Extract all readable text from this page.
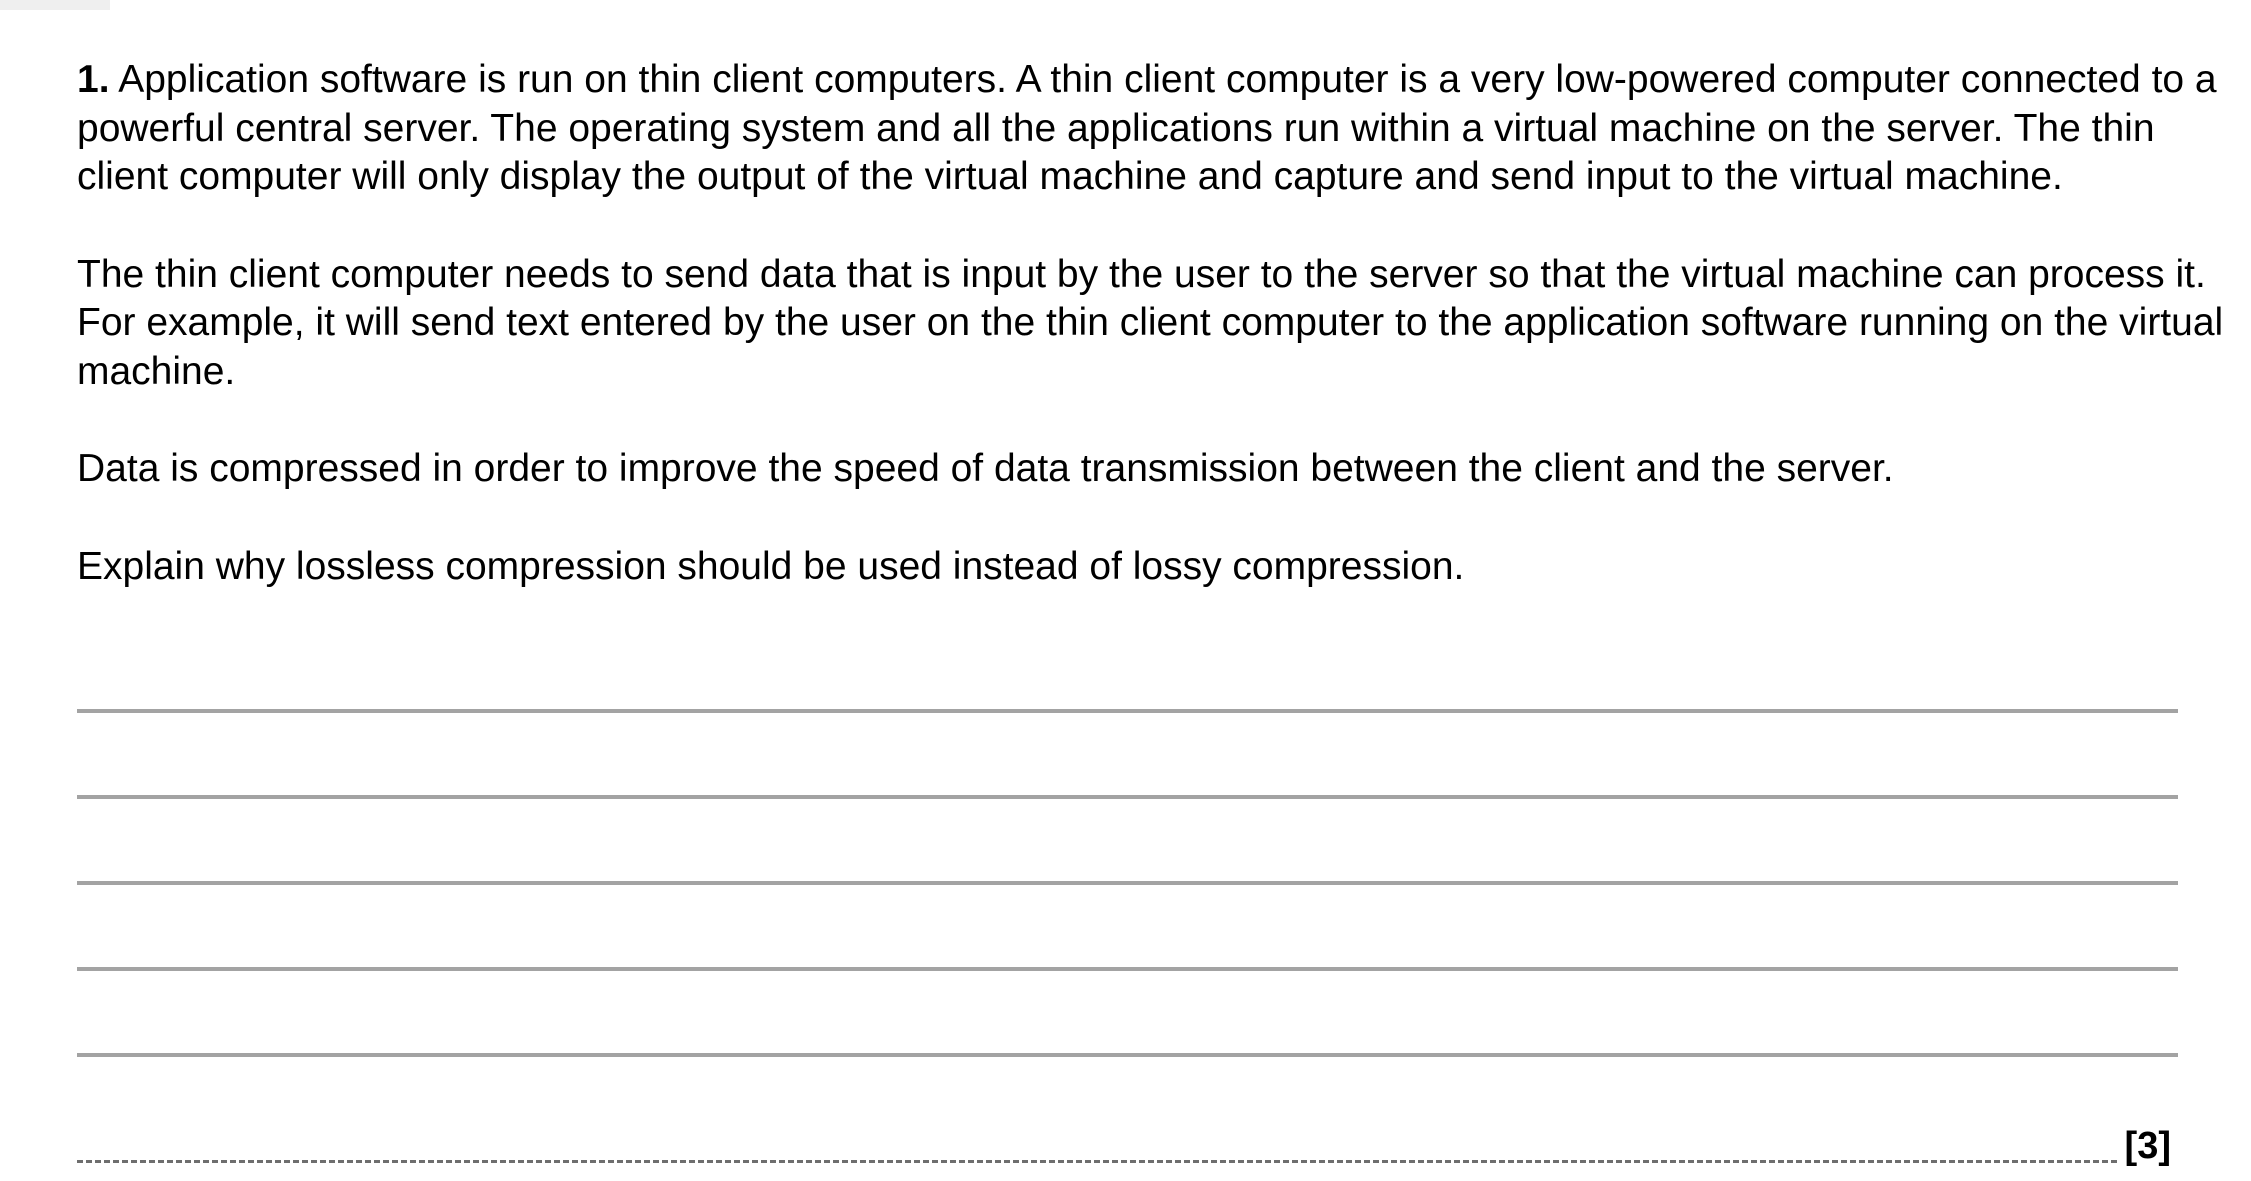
1. Application software is run on thin client computers. A thin client computer is a very low-powered computer connected to a powerful central server. The operating system and all the applications run within a virtual machine on the server. The thin client computer will only display the output of the virtual machine and capture and send input to the virtual machine.

The thin client computer needs to send data that is input by the user to the server so that the virtual machine can process it. For example, it will send text entered by the user on the thin client computer to the application software running on the virtual machine.

Data is compressed in order to improve the speed of data transmission between the client and the server.

Explain why lossless compression should be used instead of lossy compression.

[3]
